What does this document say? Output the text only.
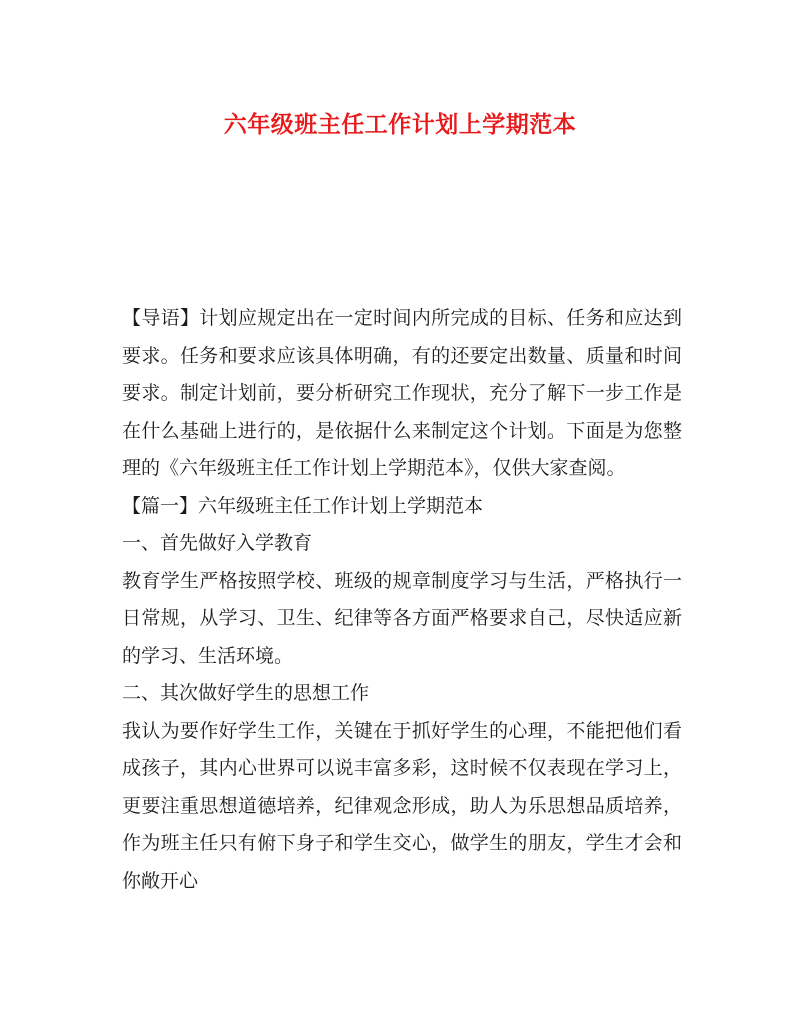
六年级班主任工作计划上学期范本

【导语】计划应规定出在一定时间内所完成的目标、任务和应达到要求。任务和要求应该具体明确，有的还要定出数量、质量和时间要求。制定计划前，要分析研究工作现状，充分了解下一步工作是在什么基础上进行的，是依据什么来制定这个计划。下面是为您整理的《六年级班主任工作计划上学期范本》，仅供大家查阅。

【篇一】六年级班主任工作计划上学期范本

一、首先做好入学教育

教育学生严格按照学校、班级的规章制度学习与生活，严格执行一日常规，从学习、卫生、纪律等各方面严格要求自己，尽快适应新的学习、生活环境。

二、其次做好学生的思想工作

我认为要作好学生工作，关键在于抓好学生的心理，不能把他们看成孩子，其内心世界可以说丰富多彩，这时候不仅表现在学习上，更要注重思想道德培养，纪律观念形成，助人为乐思想品质培养，作为班主任只有俯下身子和学生交心，做学生的朋友，学生才会和你敞开心
